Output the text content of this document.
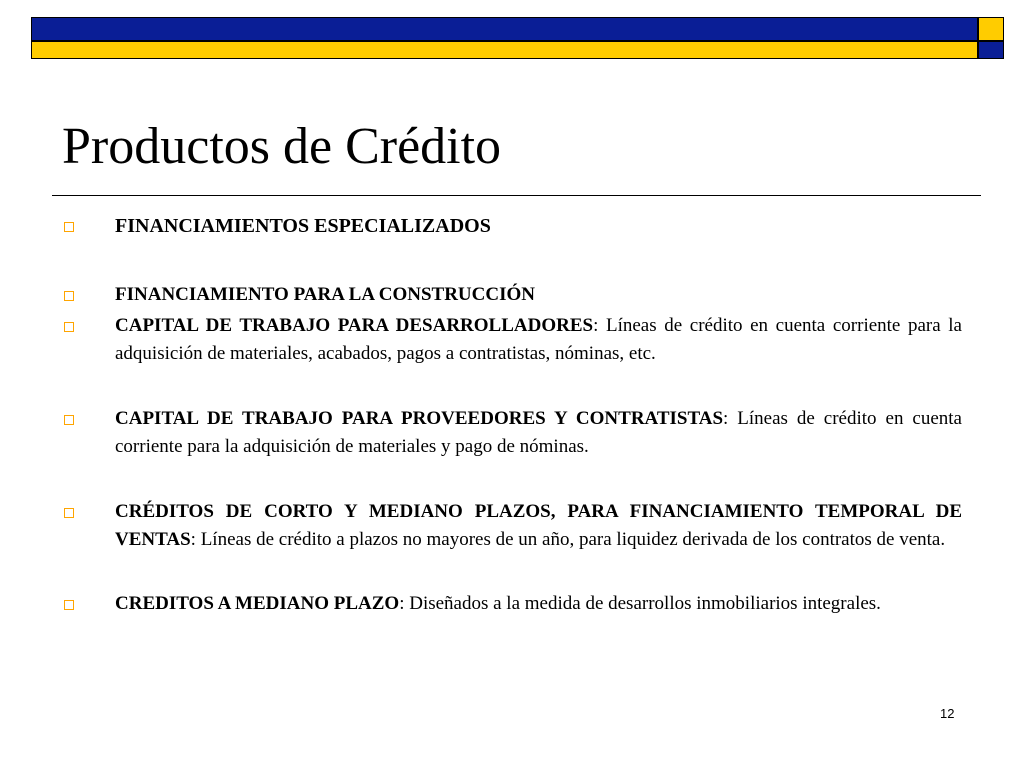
Productos de Crédito
FINANCIAMIENTOS ESPECIALIZADOS
FINANCIAMIENTO PARA LA CONSTRUCCIÓN
CAPITAL DE TRABAJO PARA DESARROLLADORES: Líneas de crédito en cuenta corriente para la adquisición de materiales, acabados, pagos a contratistas, nóminas, etc.
CAPITAL DE TRABAJO PARA PROVEEDORES Y CONTRATISTAS: Líneas de crédito en cuenta corriente para la adquisición de materiales y pago de nóminas.
CRÉDITOS DE CORTO Y MEDIANO PLAZOS, PARA FINANCIAMIENTO TEMPORAL DE VENTAS: Líneas de crédito a plazos no mayores de un año, para liquidez derivada de los contratos de venta.
CREDITOS A MEDIANO PLAZO: Diseñados a la medida de desarrollos inmobiliarios integrales.
12
